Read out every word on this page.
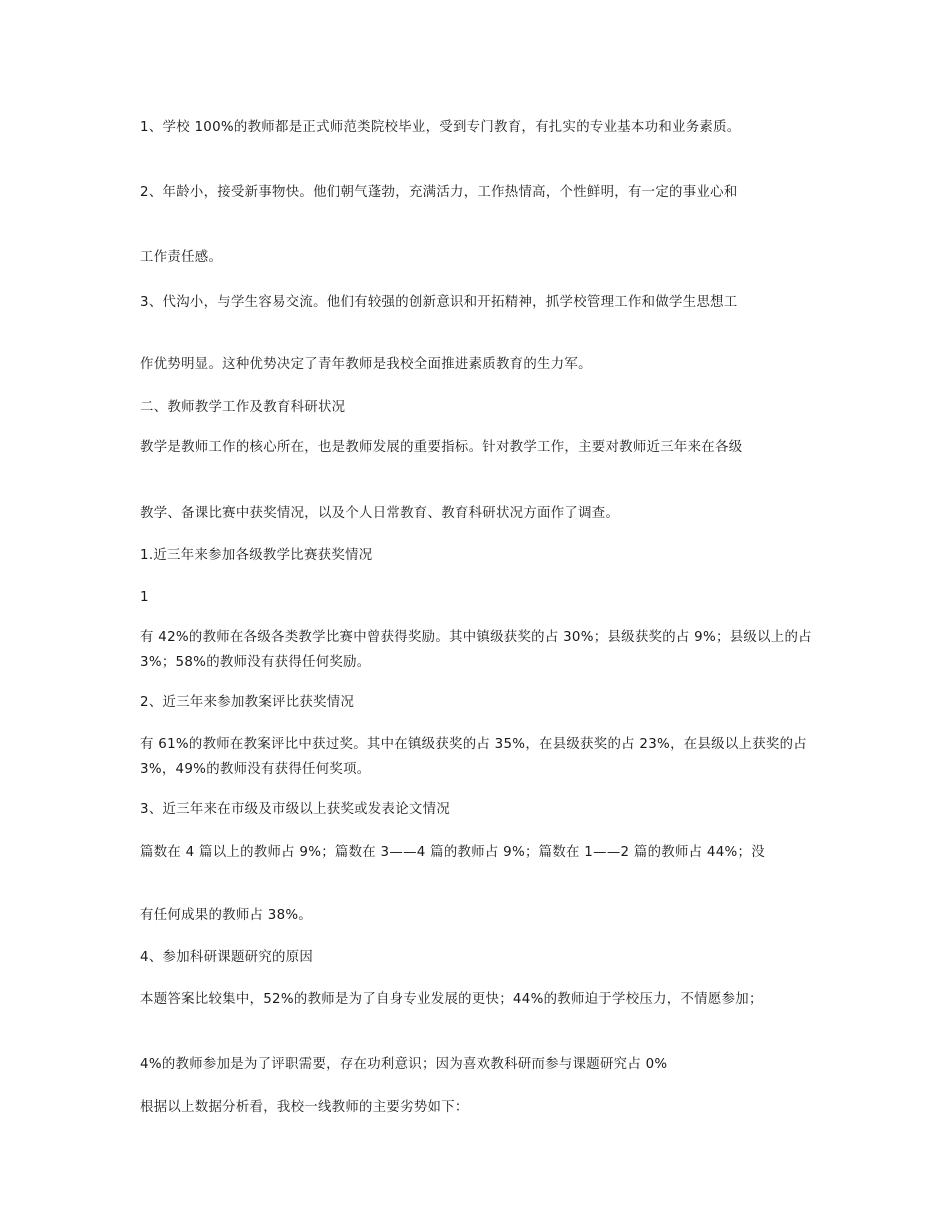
1、学校 100%的教师都是正式师范类院校毕业，受到专门教育，有扎实的专业基本功和业务素质。

2、年龄小，接受新事物快。他们朝气蓬勃，充满活力，工作热情高，个性鲜明，有一定的事业心和

工作责任感。

3、代沟小，与学生容易交流。他们有较强的创新意识和开拓精神，抓学校管理工作和做学生思想工

作优势明显。这种优势决定了青年教师是我校全面推进素质教育的生力军。

二、教师教学工作及教育科研状况

教学是教师工作的核心所在，也是教师发展的重要指标。针对教学工作，主要对教师近三年来在各级

教学、备课比赛中获奖情况，以及个人日常教育、教育科研状况方面作了调查。

1.近三年来参加各级教学比赛获奖情况

1

有 42%的教师在各级各类教学比赛中曾获得奖励。其中镇级获奖的占 30%；县级获奖的占 9%；县级以上的占 3%；58%的教师没有获得任何奖励。

2、近三年来参加教案评比获奖情况

有 61%的教师在教案评比中获过奖。其中在镇级获奖的占 35%，在县级获奖的占 23%，在县级以上获奖的占 3%，49%的教师没有获得任何奖项。

3、近三年来在市级及市级以上获奖或发表论文情况

篇数在 4 篇以上的教师占 9%；篇数在 3——4 篇的教师占 9%；篇数在 1——2 篇的教师占 44%；没

有任何成果的教师占 38%。

4、参加科研课题研究的原因

本题答案比较集中，52%的教师是为了自身专业发展的更快；44%的教师迫于学校压力，不情愿参加；

4%的教师参加是为了评职需要，存在功利意识；因为喜欢教科研而参与课题研究占 0%

根据以上数据分析看，我校一线教师的主要劣势如下：
